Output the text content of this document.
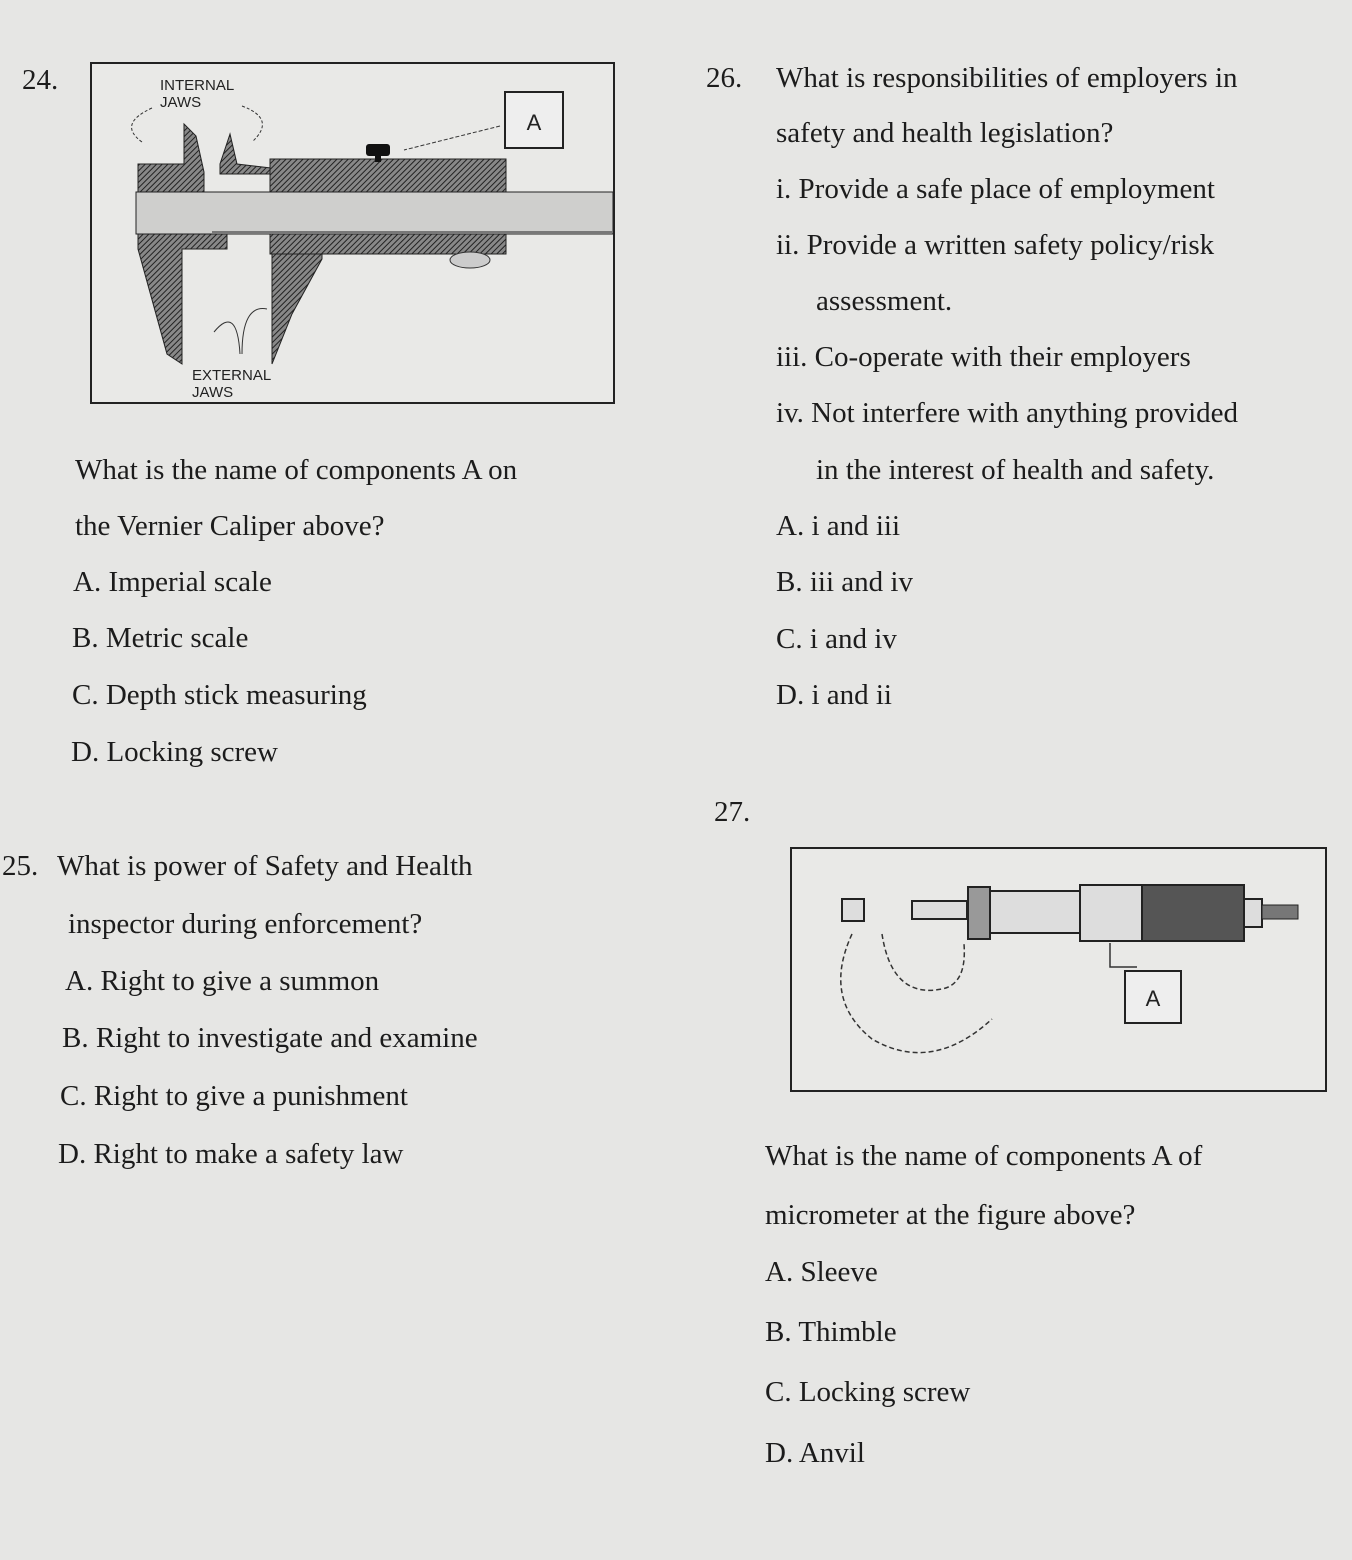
24.	INTERNAL
JAWS
A
EXTERNAL
JAWS
What is the name of components A on
the Vernier Caliper above?
A. Imperial scale
B. Metric scale
C. Depth stick measuring
D. Locking screw
25. What is power of Safety and Health
inspector during enforcement?
A. Right to give a summon
B. Right to investigate and examine
C. Right to give a punishment
D. Right to make a safety law
26. What is responsibilities of employers in
safety and health legislation?
i. Provide a safe place of employment
ii. Provide a written safety policy/risk
assessment.
iii. Co-operate with their employers
iv. Not interfere with anything provided
in the interest of health and safety.
A. i and iii
B. iii and iv
C. i and iv
D. i and ii
27.
A
What is the name of components A of
micrometer at the figure above?
A. Sleeve
B. Thimble
C. Locking screw
D. Anvil
